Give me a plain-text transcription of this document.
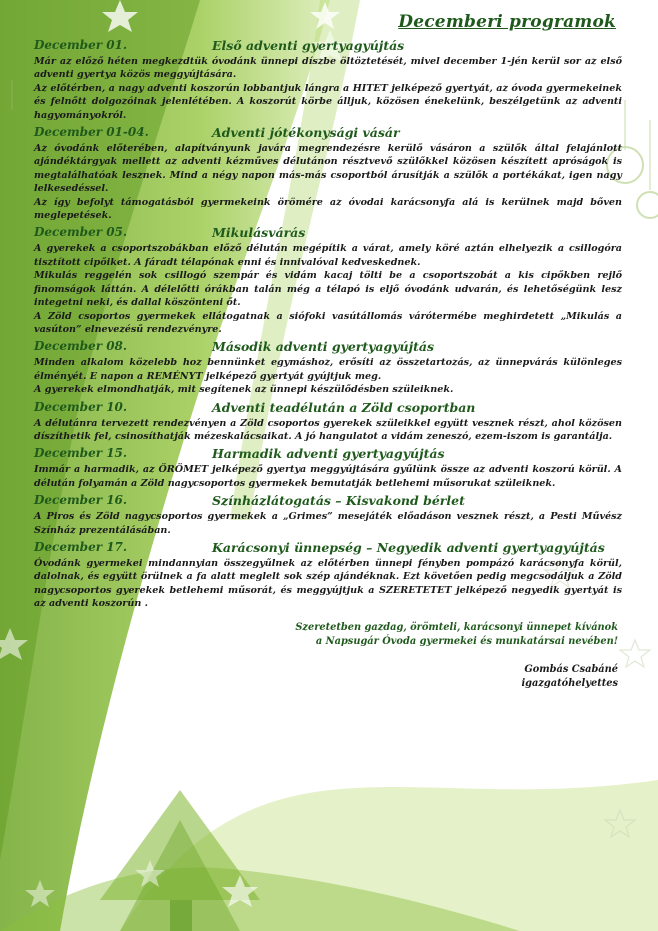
Decemberi programok
December 01.	Első adventi gyertyagyújtás

Már az előző héten megkezdtük óvodánk ünnepi díszbe öltöztetését, mivel december 1-jén kerül sor az első adventi gyertya közös meggyújtására.

Az előtérben, a nagy adventi koszorún lobbantjuk lángra a HITET jelképező gyertyát, az óvoda gyermekeinek és felnőtt dolgozóinak jelenlétében. A koszorút körbe álljuk, közösen énekelünk, beszélgetünk az adventi hagyományokról.

December 01-04.	Adventi jótékonysági vásár

Az óvodánk előterében, alapítványunk javára megrendezésre kerülő vásáron a szülők által felajánlott ajándéktárgyak mellett az adventi kézműves délutánon résztvevő szülőkkel közösen készített apróságok is megtalálhatóak lesznek. Mind a négy napon más-más csoportból árusítják a szülők a portékákat, igen nagy lelkesedéssel.

Az így befolyt támogatásból gyermekeink örömére az óvodai karácsonyfa alá is kerülnek majd bőven meglepetések.

December 05.	Mikulásvárás

A gyerekek a csoportszobákban előző délután megépítik a várat, amely köré aztán elhelyezik a csillogóra tisztított cipőiket. A fáradt télapónak enni és innivalóval kedveskednek.

Mikulás reggelén sok csillogó szempár és vidám kacaj tölti be a csoportszobát a kis cipőkben rejlő finomságok láttán. A délelőtti órákban talán még a télapó is eljő óvodánk udvarán, és lehetőségünk lesz integetni neki, és dallal köszönteni őt.

A Zöld csoportos gyermekek ellátogatnak a siófoki vasútállomás várótermébe meghirdetett „Mikulás a vasúton” elnevezésű rendezvényre.

December 08.	Második adventi gyertyagyújtás

Minden alkalom közelebb hoz bennünket egymáshoz, erősíti az összetartozás, az ünnepvárás különleges élményét. E napon a REMÉNYT jelképező gyertyát gyújtjuk meg.

A gyerekek elmondhatják, mit segítenek az ünnepi készülődésben szüleiknek.

December 10.	Adventi teadélután a Zöld csoportban

A délutánra tervezett rendezvényen a Zöld csoportos gyerekek szüleikkel együtt vesznek részt, ahol közösen díszíthetik fel, csinosíthatják mézeskalácsaikat. A jó hangulatot a vidám zeneszó, ezem-iszom is garantálja.

December 15.	Harmadik adventi gyertyagyújtás

Immár a harmadik, az ÖRÖMET jelképező gyertya meggyújtására gyűlünk össze az adventi koszorú körül. A délután folyamán a Zöld nagycsoportos gyermekek bemutatják betlehemi műsorukat szüleiknek.

December 16.	Színházlátogatás – Kisvakond bérlet

A Piros és Zöld nagycsoportos gyermekek a „Grimes” mesejáték előadáson vesznek részt, a Pesti Művész Színház prezentálásában.

December 17.	Karácsonyi ünnepség – Negyedik adventi gyertyagyújtás

Óvodánk gyermekei mindannyian összegyűlnek az előtérben ünnepi fényben pompázó karácsonyfa körül, dalolnak, és együtt örülnek a fa alatt meglelt sok szép ajándéknak. Ezt követően pedig megcsodáljuk a Zöld nagycsoportos gyerekek betlehemi műsorát, és meggyújtjuk a SZERETETET jelképező negyedik gyertyát is az adventi koszorún .

Szeretetben gazdag, örömteli, karácsonyi ünnepet kívánok
a Napsugár Óvoda gyermekei és munkatársai nevében!
Gombás Csabáné
igazgatóhelyettes
